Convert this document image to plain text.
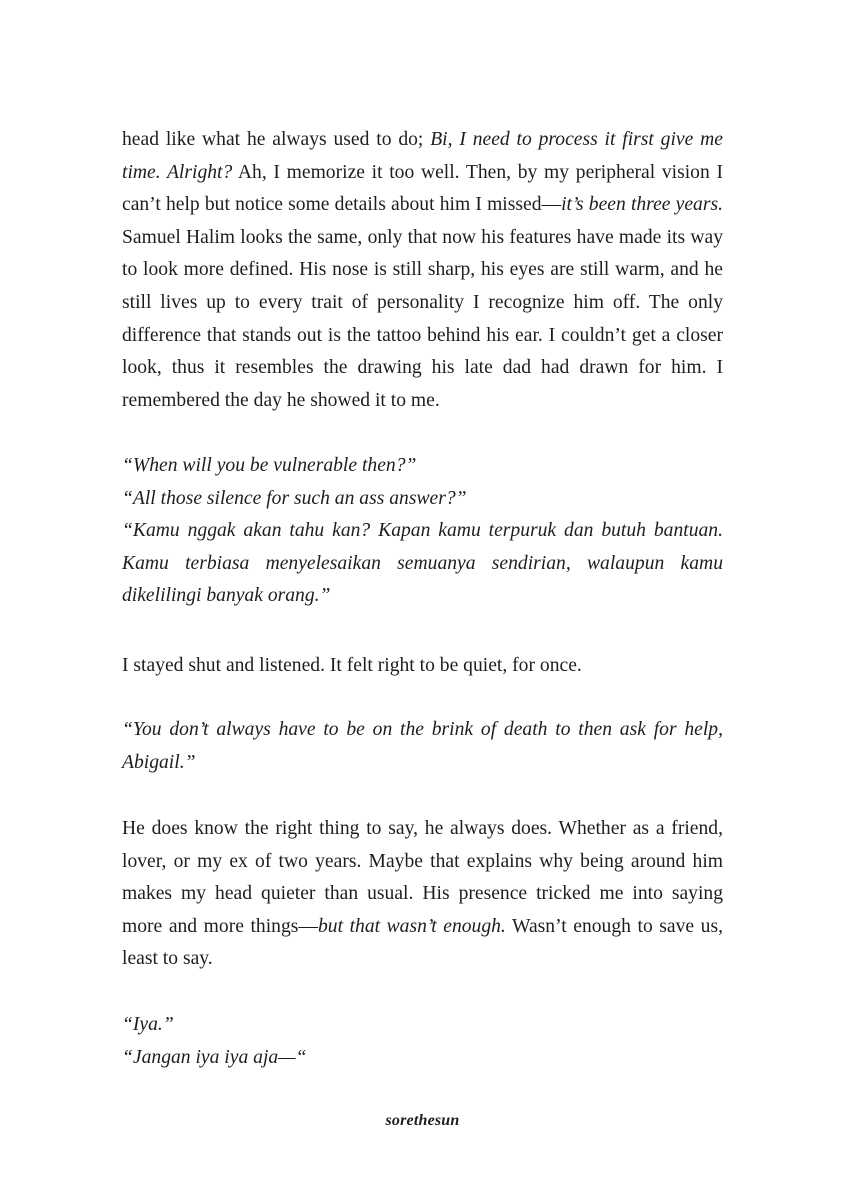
head like what he always used to do; Bi, I need to process it first give me time. Alright? Ah, I memorize it too well. Then, by my peripheral vision I can’t help but notice some details about him I missed—it’s been three years. Samuel Halim looks the same, only that now his features have made its way to look more defined. His nose is still sharp, his eyes are still warm, and he still lives up to every trait of personality I recognize him off. The only difference that stands out is the tattoo behind his ear. I couldn’t get a closer look, thus it resembles the drawing his late dad had drawn for him. I remembered the day he showed it to me.

“When will you be vulnerable then?”
“All those silence for such an ass answer?”

“Kamu nggak akan tahu kan? Kapan kamu terpuruk dan butuh bantuan. Kamu terbiasa menyelesaikan semuanya sendirian, walaupun kamu dikelilingi banyak orang.”

I stayed shut and listened. It felt right to be quiet, for once.

“You don’t always have to be on the brink of death to then ask for help, Abigail.”

He does know the right thing to say, he always does. Whether as a friend, lover, or my ex of two years. Maybe that explains why being around him makes my head quieter than usual. His presence tricked me into saying more and more things—but that wasn’t enough. Wasn’t enough to save us, least to say.

“Iya.”
“Jangan iya iya aja—“
sorethesun
